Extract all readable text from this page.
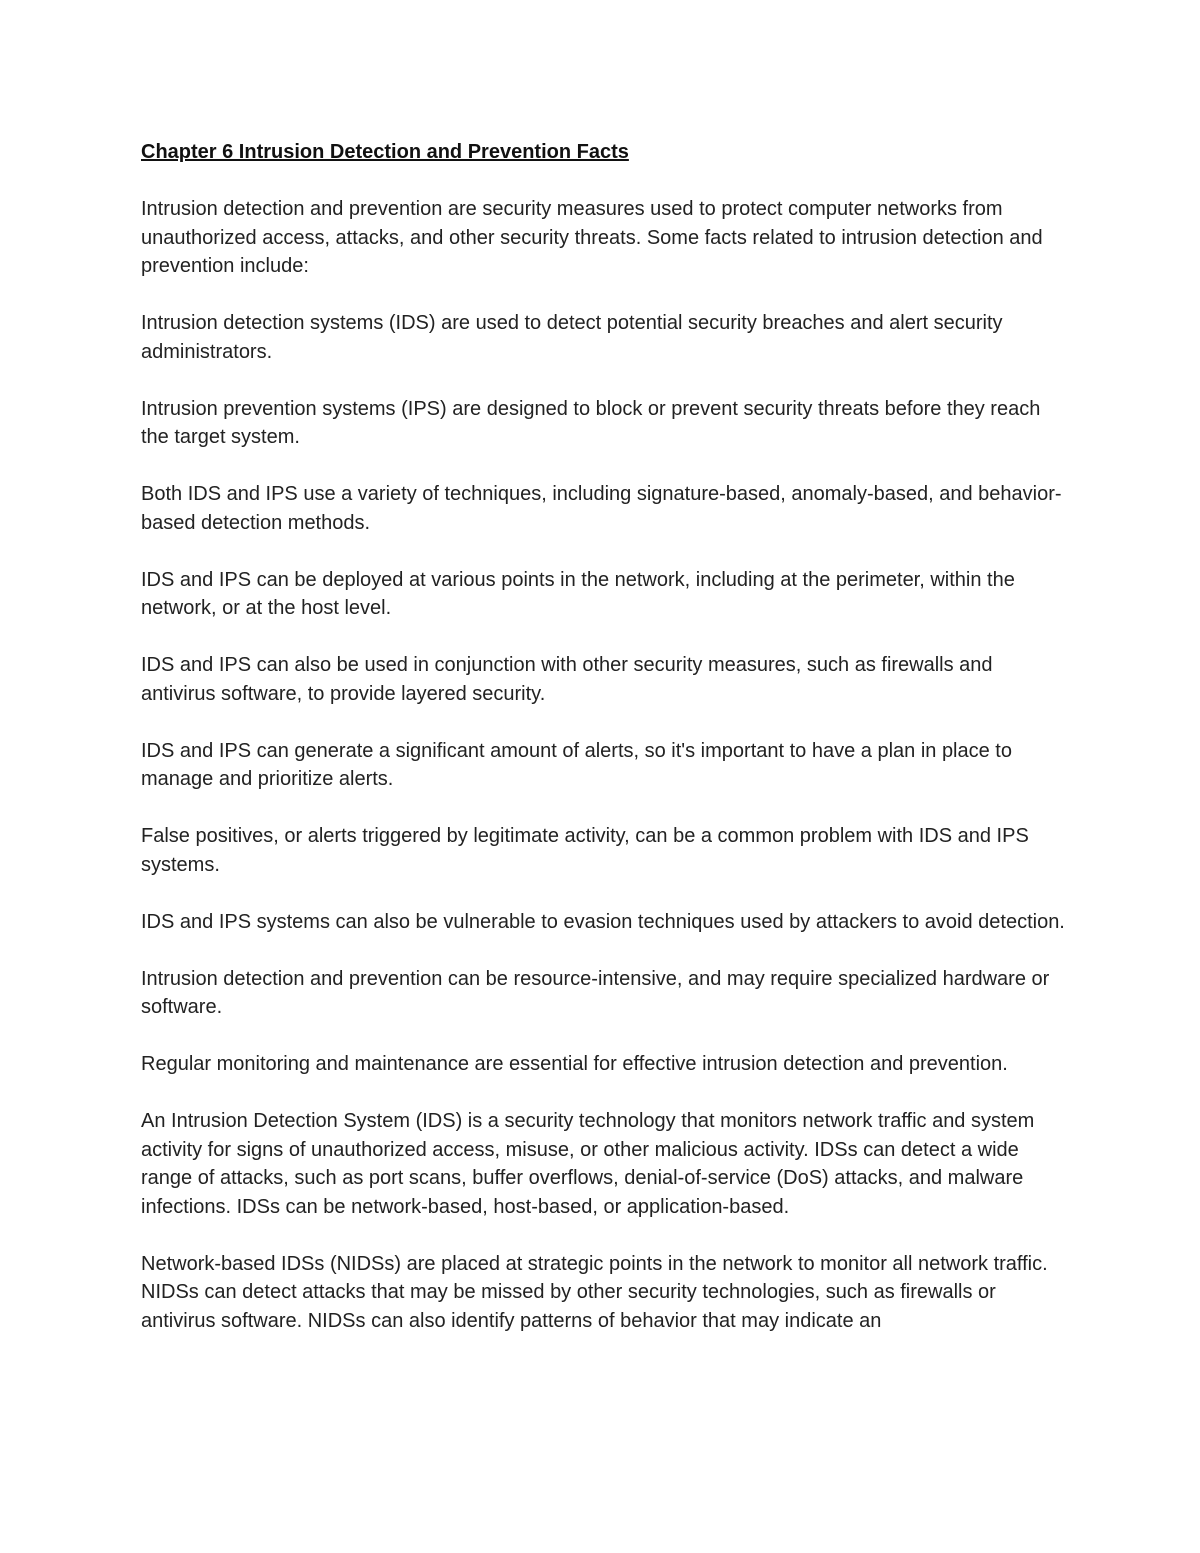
Chapter 6 Intrusion Detection and Prevention Facts

Intrusion detection and prevention are security measures used to protect computer networks from unauthorized access, attacks, and other security threats. Some facts related to intrusion detection and prevention include:

Intrusion detection systems (IDS) are used to detect potential security breaches and alert security administrators.

Intrusion prevention systems (IPS) are designed to block or prevent security threats before they reach the target system.

Both IDS and IPS use a variety of techniques, including signature-based, anomaly-based, and behavior-based detection methods.

IDS and IPS can be deployed at various points in the network, including at the perimeter, within the network, or at the host level.

IDS and IPS can also be used in conjunction with other security measures, such as firewalls and antivirus software, to provide layered security.

IDS and IPS can generate a significant amount of alerts, so it's important to have a plan in place to manage and prioritize alerts.

False positives, or alerts triggered by legitimate activity, can be a common problem with IDS and IPS systems.

IDS and IPS systems can also be vulnerable to evasion techniques used by attackers to avoid detection.

Intrusion detection and prevention can be resource-intensive, and may require specialized hardware or software.

Regular monitoring and maintenance are essential for effective intrusion detection and prevention.

An Intrusion Detection System (IDS) is a security technology that monitors network traffic and system activity for signs of unauthorized access, misuse, or other malicious activity. IDSs can detect a wide range of attacks, such as port scans, buffer overflows, denial-of-service (DoS) attacks, and malware infections. IDSs can be network-based, host-based, or application-based.

Network-based IDSs (NIDSs) are placed at strategic points in the network to monitor all network traffic. NIDSs can detect attacks that may be missed by other security technologies, such as firewalls or antivirus software. NIDSs can also identify patterns of behavior that may indicate an
